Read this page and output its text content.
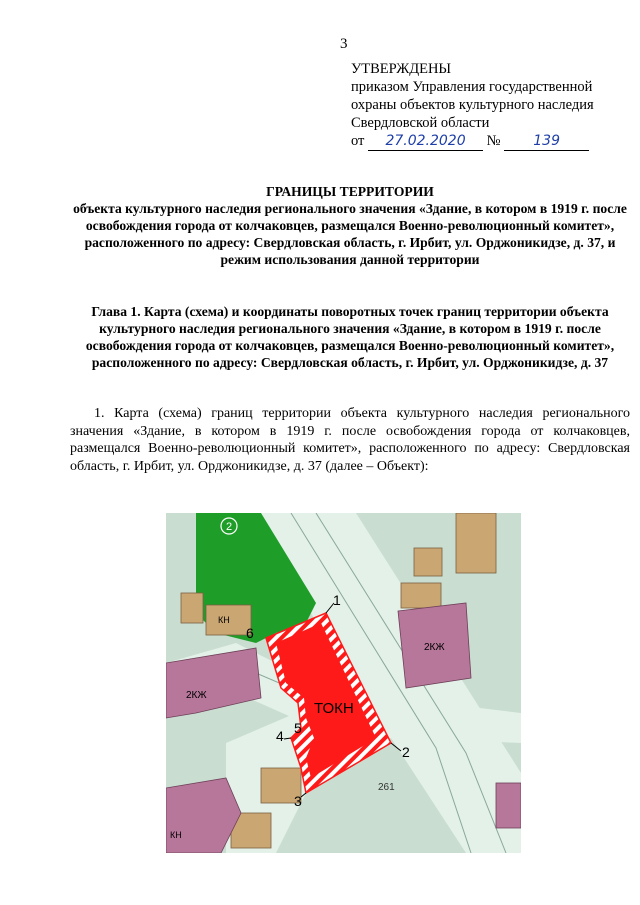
3
УТВЕРЖДЕНЫ
приказом Управления государственной
охраны объектов культурного наследия
Свердловской области
от 27.02.2020 № 139
ГРАНИЦЫ ТЕРРИТОРИИ
объекта культурного наследия регионального значения «Здание, в котором в 1919 г. после освобождения города от колчаковцев, размещался Военно-революционный комитет», расположенного по адресу: Свердловская область, г. Ирбит, ул. Орджоникидзе, д. 37, и режим использования данной территории
Глава 1. Карта (схема) и координаты поворотных точек границ территории объекта культурного наследия регионального значения «Здание, в котором в 1919 г. после освобождения города от колчаковцев, размещался Военно-революционный комитет», расположенного по адресу: Свердловская область, г. Ирбит, ул. Орджоникидзе, д. 37
1. Карта (схема) границ территории объекта культурного наследия регионального значения «Здание, в котором в 1919 г. после освобождения города от колчаковцев, размещался Военно-революционный комитет», расположенного по адресу: Свердловская область, г. Ирбит, ул. Орджоникидзе, д. 37 (далее – Объект):
2
КН
2КЖ
2КЖ
КН
ТОКН
261
1
2
3
4 5
6
